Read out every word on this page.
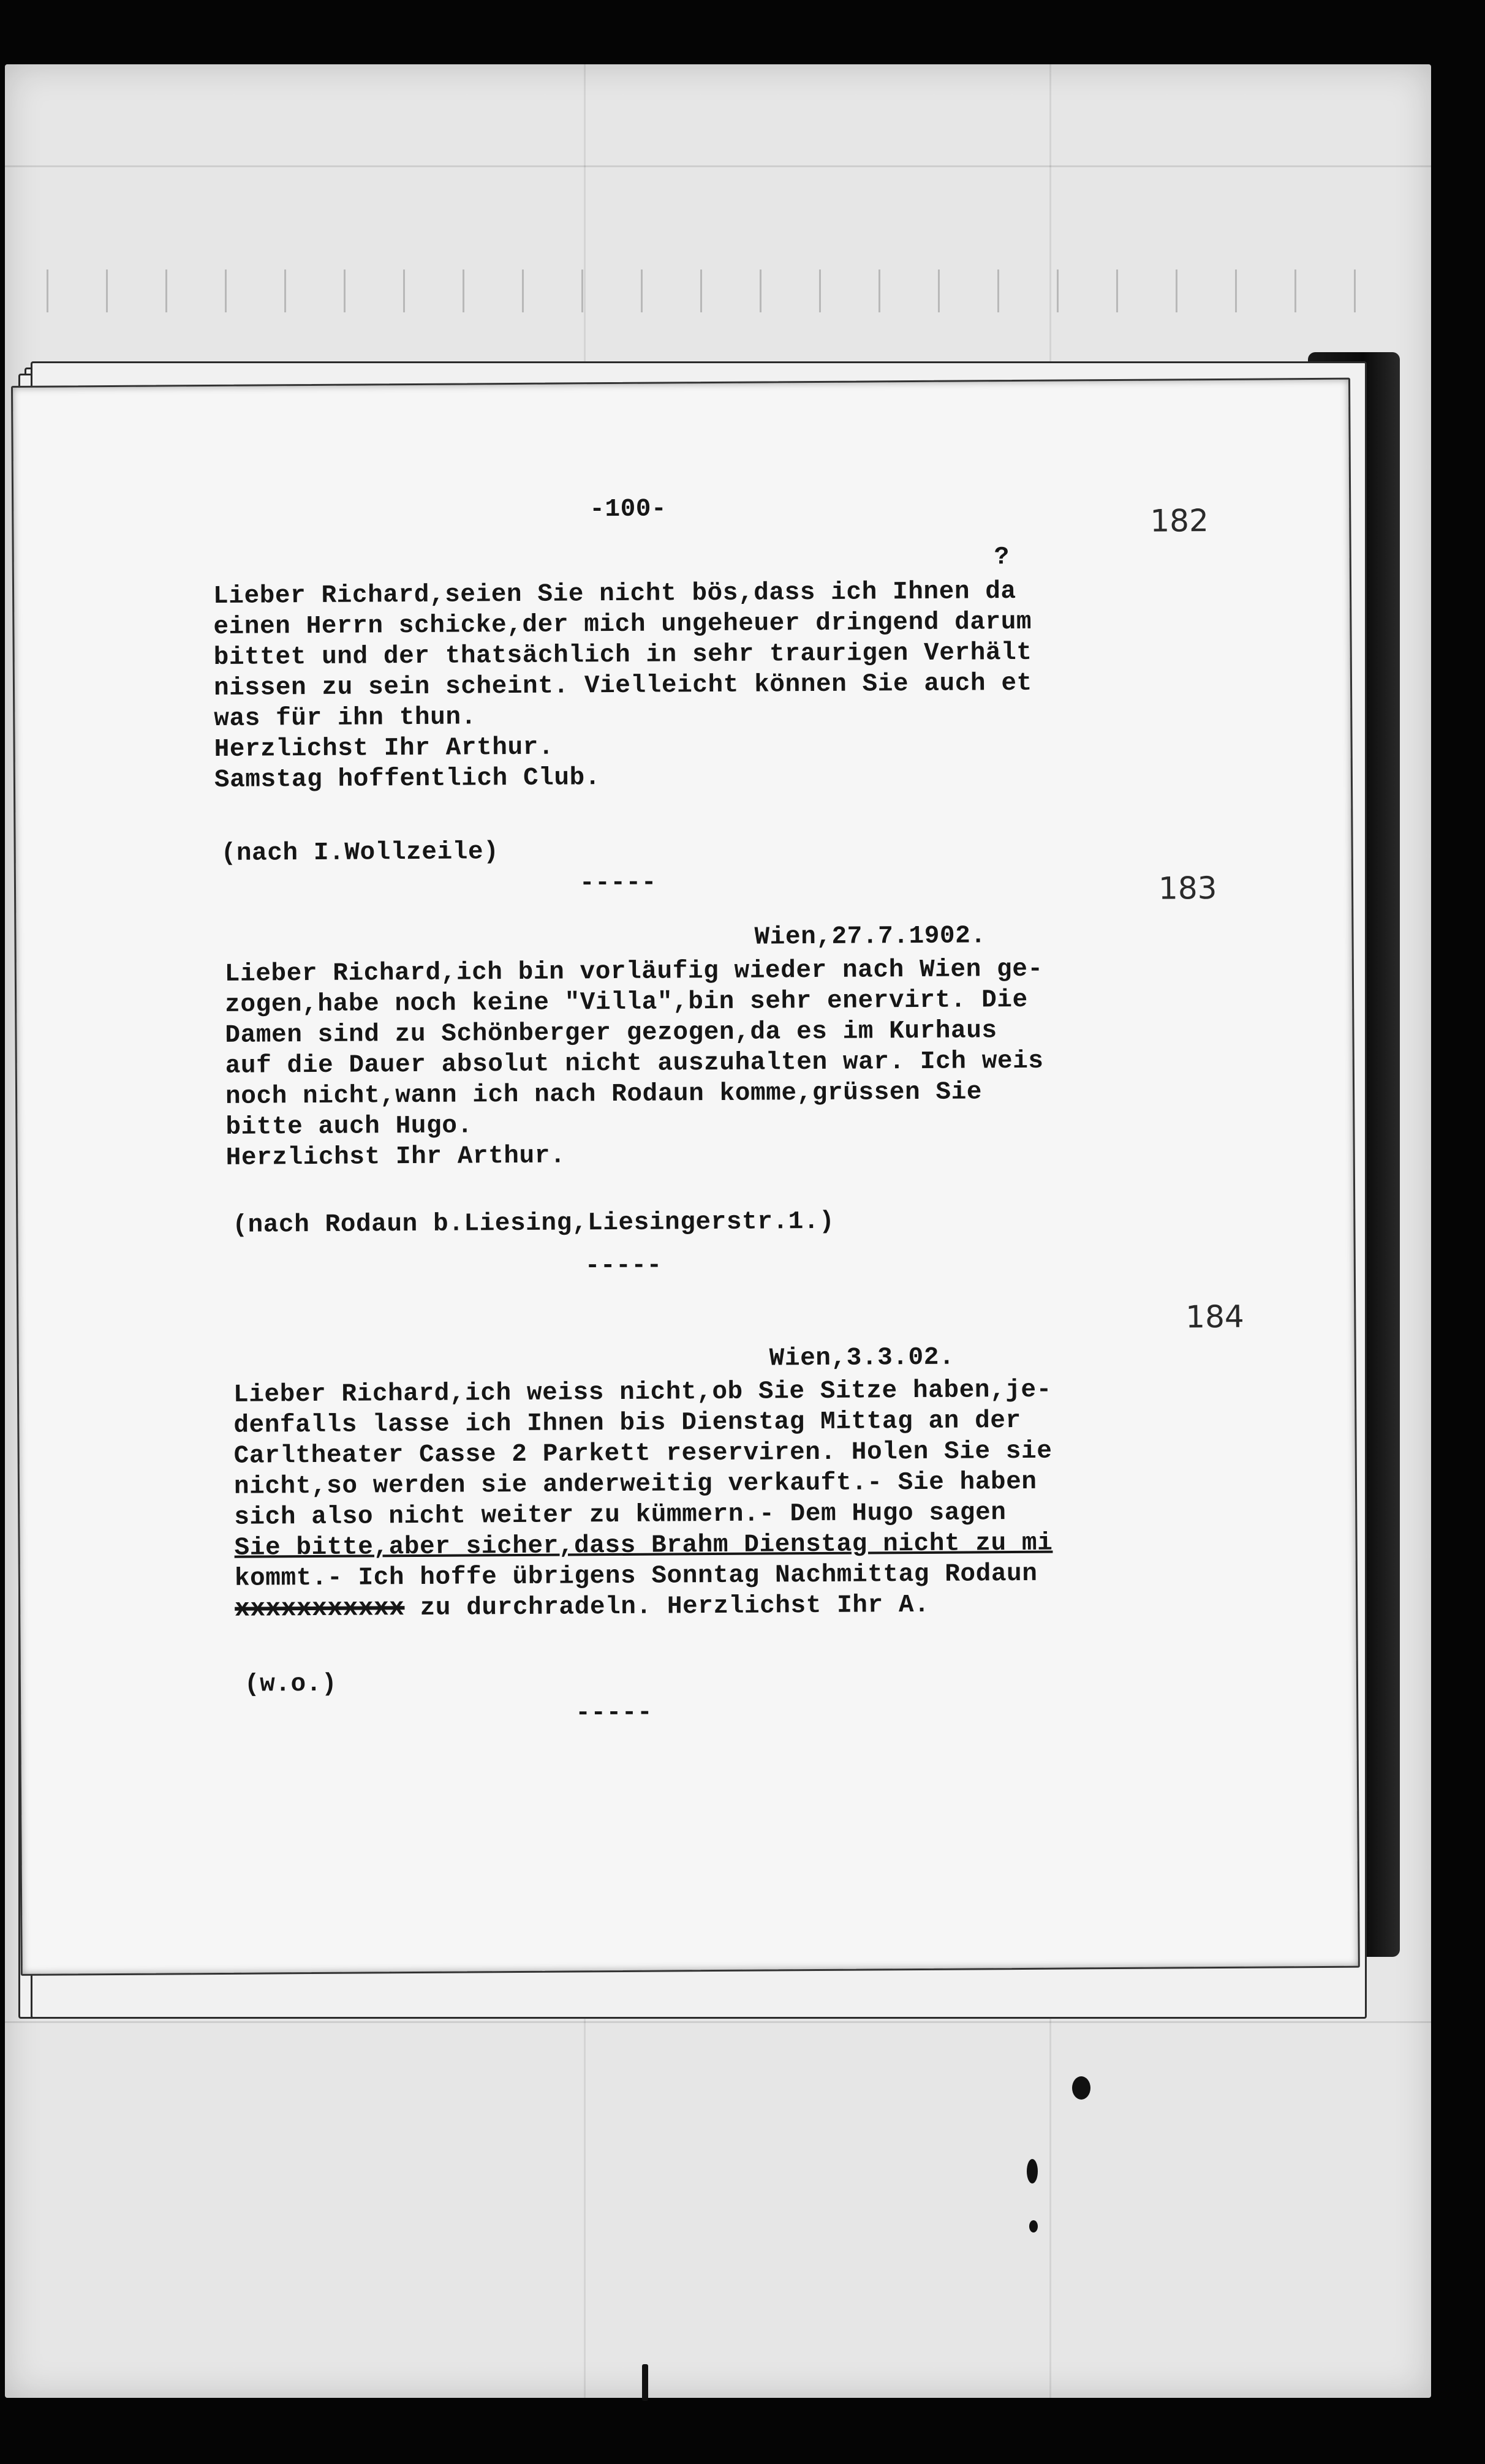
-100-	182
?
Lieber Richard,seien Sie nicht bös,dass ich Ihnen da
einen Herrn schicke,der mich ungeheuer dringend darum
bittet und der thatsächlich in sehr traurigen Verhält
nissen zu sein scheint. Vielleicht können Sie auch et
was für ihn thun.
Herzlichst Ihr Arthur.
Samstag hoffentlich Club.
(nach I.Wollzeile)
-----	183
Wien,27.7.1902.
Lieber Richard,ich bin vorläufig wieder nach Wien ge-
zogen,habe noch keine "Villa",bin sehr enervirt. Die
Damen sind zu Schönberger gezogen,da es im Kurhaus
auf die Dauer absolut nicht auszuhalten war. Ich weis
noch nicht,wann ich nach Rodaun komme,grüssen Sie
bitte auch Hugo.
Herzlichst Ihr Arthur.
(nach Rodaun b.Liesing,Liesingerstr.1.)
-----
184
Wien,3.3.02.
Lieber Richard,ich weiss nicht,ob Sie Sitze haben,je-
denfalls lasse ich Ihnen bis Dienstag Mittag an der
Carltheater Casse 2 Parkett reserviren. Holen Sie sie
nicht,so werden sie anderweitig verkauft.- Sie haben
sich also nicht weiter zu kümmern.- Dem Hugo sagen
Sie bitte,aber sicher,dass Brahm Dienstag nicht zu mi
kommt.- Ich hoffe übrigens Sonntag Nachmittag Rodaun
xxxxxxxxxxx zu durchradeln. Herzlichst Ihr A.
(w.o.)
-----
